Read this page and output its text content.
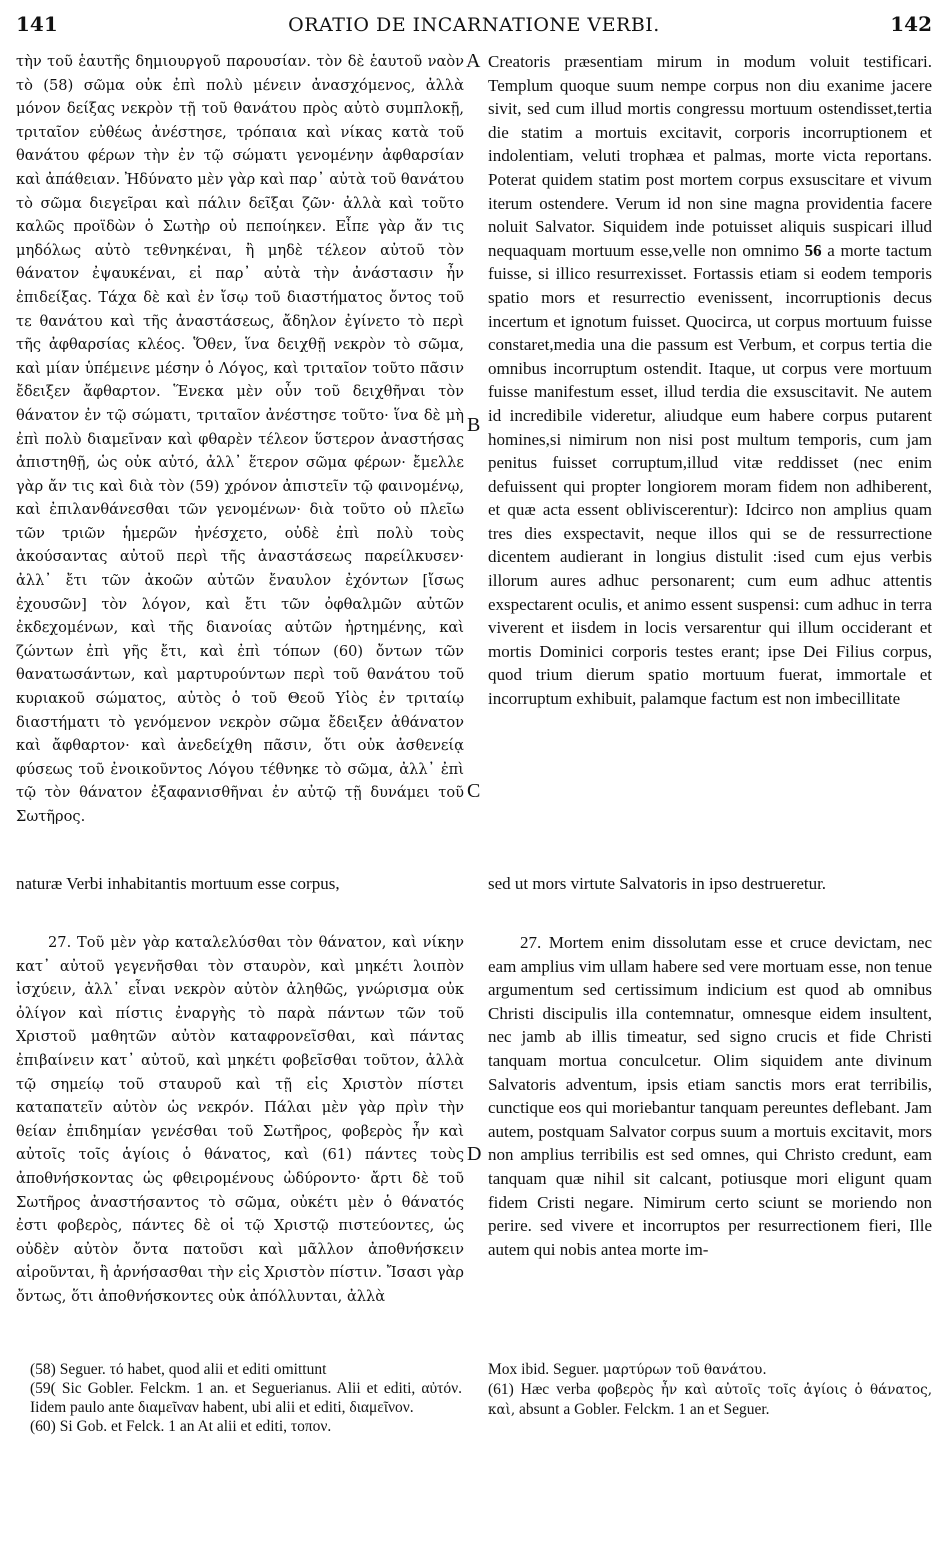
141	ORATIO DE INCARNATIONE VERBI.	142
A
B
C
D

τὴν τοῦ ἑαυτῆς δημιουργοῦ παρουσίαν. τὸν δὲ ἑαυτοῦ ναὸν τὸ (58) σῶμα οὐκ ἐπὶ πολὺ μένειν ἀνασχόμενος, ἀλλὰ μόνον δείξας νεκρὸν τῇ τοῦ θανάτου πρὸς αὐτὸ συμπλοκῇ, τριταῖον εὐθέως ἀνέστησε, τρόπαια καὶ νίκας κατὰ τοῦ θανάτου φέρων τὴν ἐν τῷ σώματι γενομένην ἀφθαρσίαν καὶ ἀπάθειαν. Ἠδύνατο μὲν γὰρ καὶ παρ᾽ αὐτὰ τοῦ θανάτου τὸ σῶμα διεγεῖραι καὶ πάλιν δεῖξαι ζῶν· ἀλλὰ καὶ τοῦτο καλῶς προϊδὼν ὁ Σωτὴρ οὐ πεποίηκεν. Εἶπε γὰρ ἄν τις μηδόλως αὐτὸ τεθνηκέναι, ἢ μηδὲ τέλεον αὐτοῦ τὸν θάνατον ἐψαυκέναι, εἰ παρ᾽ αὐτὰ τὴν ἀνάστασιν ἦν ἐπιδείξας. Τάχα δὲ καὶ ἐν ἴσῳ τοῦ διαστήματος ὄντος τοῦ τε θανάτου καὶ τῆς ἀναστάσεως, ἄδηλον ἐγίνετο τὸ περὶ τῆς ἀφθαρσίας κλέος. Ὅθεν, ἵνα δειχθῇ νεκρὸν τὸ σῶμα, καὶ μίαν ὑπέμεινε μέσην ὁ Λόγος, καὶ τριταῖον τοῦτο πᾶσιν ἔδειξεν ἄφθαρτον. Ἕνεκα μὲν οὖν τοῦ δειχθῆναι τὸν θάνατον ἐν τῷ σώματι, τριταῖον ἀνέστησε τοῦτο· ἵνα δὲ μὴ ἐπὶ πολὺ διαμεῖναν καὶ φθαρὲν τέλεον ὕστερον ἀναστήσας ἀπιστηθῇ, ὡς οὐκ αὐτό, ἀλλ᾽ ἕτερον σῶμα φέρων· ἔμελλε γὰρ ἄν τις καὶ διὰ τὸν (59) χρόνον ἀπιστεῖν τῷ φαινομένῳ, καὶ ἐπιλανθάνεσθαι τῶν γενομένων· διὰ τοῦτο οὐ πλεῖω τῶν τριῶν ἡμερῶν ἠνέσχετο, οὐδὲ ἐπὶ πολὺ τοὺς ἀκούσαντας αὐτοῦ περὶ τῆς ἀναστάσεως παρείλκυσεν· ἀλλ᾽ ἔτι τῶν ἀκοῶν αὐτῶν ἔναυλον ἐχόντων [ἴσως ἐχουσῶν] τὸν λόγον, καὶ ἔτι τῶν ὀφθαλμῶν αὐτῶν ἐκδεχομένων, καὶ τῆς διανοίας αὐτῶν ἠρτημένης, καὶ ζώντων ἐπὶ γῆς ἔτι, καὶ ἐπὶ τόπων (60) ὄντων τῶν θανατωσάντων, καὶ μαρτυρούντων περὶ τοῦ θανάτου τοῦ κυριακοῦ σώματος, αὐτὸς ὁ τοῦ Θεοῦ Υἱὸς ἐν τριταίῳ διαστήματι τὸ γενόμενον νεκρὸν σῶμα ἔδειξεν ἀθάνατον καὶ ἄφθαρτον· καὶ ἀνεδείχθη πᾶσιν, ὅτι οὐκ ἀσθενείᾳ φύσεως τοῦ ἐνοικοῦντος Λόγου τέθνηκε τὸ σῶμα, ἀλλ᾽ ἐπὶ τῷ τὸν θάνατον ἐξαφανισθῆναι ἐν αὐτῷ τῇ δυνάμει τοῦ Σωτῆρος.

Creatoris præsentiam mirum in modum voluit testificari. Templum quoque suum nempe corpus non diu exanime jacere sivit, sed cum illud mortis congressu mortuum ostendisset,tertia die statim a mortuis excitavit, corporis incorruptionem et indolentiam, veluti trophæa et palmas, morte victa reportans. Poterat quidem statim post mortem corpus exsuscitare et vivum iterum ostendere. Verum id non sine magna providentia facere noluit Salvator. Siquidem inde potuisset aliquis suspicari illud nequaquam mortuum esse,velle non omnimo 56 a morte tactum fuisse, si illico resurrexisset. Fortassis etiam si eodem temporis spatio mors et resurrectio evenissent, incorruptionis decus incertum et ignotum fuisset. Quocirca, ut corpus mortuum fuisse constaret,media una die passum est Verbum, et corpus tertia die omnibus incorruptum ostendit. Itaque, ut corpus vere mortuum fuisse manifestum esset, illud terdia die exsuscitavit. Ne autem id incredibile videretur, aliudque eum habere corpus putarent homines,si nimirum non nisi post multum temporis, cum jam penitus fuisset corruptum,illud vitæ reddisset (nec enim defuissent qui propter longiorem moram fidem non adhiberent, et quæ acta essent obliviscerentur): Idcirco non amplius quam tres dies exspectavit, neque illos qui se de ressurrectione dicentem audierant in longius distulit :ised cum ejus verbis illorum aures adhuc personarent; cum eum adhuc attentis exspectarent oculis, et animo essent suspensi: cum adhuc in terra viverent et iisdem in locis versarentur qui illum occiderant et mortis Dominici corporis testes erant; ipse Dei Filius corpus, quod trium dierum spatio mortuum fuerat, immortale et incorruptum exhibuit, palamque factum est non imbecillitate

naturæ Verbi inhabitantis mortuum esse corpus,	sed ut mors virtute Salvatoris in ipso destrueretur.

27. Τοῦ μὲν γὰρ καταλελύσθαι τὸν θάνατον, καὶ νίκην κατ᾽ αὐτοῦ γεγενῆσθαι τὸν σταυρὸν, καὶ μηκέτι λοιπὸν ἰσχύειν, ἀλλ᾽ εἶναι νεκρὸν αὐτὸν ἀληθῶς, γνώρισμα οὐκ ὀλίγον καὶ πίστις ἐναργὴς τὸ παρὰ πάντων τῶν τοῦ Χριστοῦ μαθητῶν αὐτὸν καταφρονεῖσθαι, καὶ πάντας ἐπιβαίνειν κατ᾽ αὐτοῦ, καὶ μηκέτι φοβεῖσθαι τοῦτον, ἀλλὰ τῷ σημείῳ τοῦ σταυροῦ καὶ τῇ εἰς Χριστὸν πίστει καταπατεῖν αὐτὸν ὡς νεκρόν. Πάλαι μὲν γὰρ πρὶν τὴν θείαν ἐπιδημίαν γενέσθαι τοῦ Σωτῆρος, φοβερὸς ἦν καὶ αὐτοῖς τοῖς ἁγίοις ὁ θάνατος, καὶ (61) πάντες τοὺς ἀποθνήσκοντας ὡς φθειρομένους ὠδύροντο· ἄρτι δὲ τοῦ Σωτῆρος ἀναστήσαντος τὸ σῶμα, οὐκέτι μὲν ὁ θάνατός ἐστι φοβερὸς, πάντες δὲ οἱ τῷ Χριστῷ πιστεύοντες, ὡς οὐδὲν αὐτὸν ὄντα πατοῦσι καὶ μᾶλλον ἀποθνήσκειν αἱροῦνται, ἢ ἀρνήσασθαι τὴν εἰς Χριστὸν πίστιν. Ἴσασι γὰρ ὄντως, ὅτι ἀποθνήσκοντες οὐκ ἀπόλλυνται, ἀλλὰ

27. Mortem enim dissolutam esse et cruce devictam, nec eam amplius vim ullam habere sed vere mortuam esse, non tenue argumentum sed certissimum indicium est quod ab omnibus Christi discipulis illa contemnatur, omnesque eidem insultent, nec jamb ab illis timeatur, sed signo crucis et fide Christi tanquam mortua conculcetur. Olim siquidem ante divinum Salvatoris adventum, ipsis etiam sanctis mors erat terribilis, cunctique eos qui moriebantur tanquam pereuntes deflebant. Jam autem, postquam Salvator corpus suum a mortuis excitavit, mors non amplius terribilis est sed omnes, qui Christo credunt, eam tanquam quæ nihil sit calcant, potiusque mori eligunt quam fidem Cristi negare. Nimirum certo sciunt se moriendo non perire. sed vivere et incorruptos per resurrectionem fieri, Ille autem qui nobis antea morte im-

(58) Seguer. τό habet, quod alii et editi omittunt

(59( Sic Gobler. Felckm. 1 an. et Seguerianus. Alii et editi, αὐτόν. Iidem paulo ante διαμεῖναν habent, ubi alii et editi, διαμεῖνον.

(60) Si Gob. et Felck. 1 an At alii et editi, τοπον.

Mox ibid. Seguer. μαρτύρων τοῦ θανάτου.

(61) Hæc verba φοβερὸς ἦν καὶ αὐτοῖς τοῖς ἁγίοις ὁ θάνατος, καὶ, absunt a Gobler. Felckm. 1 an et Seguer.
